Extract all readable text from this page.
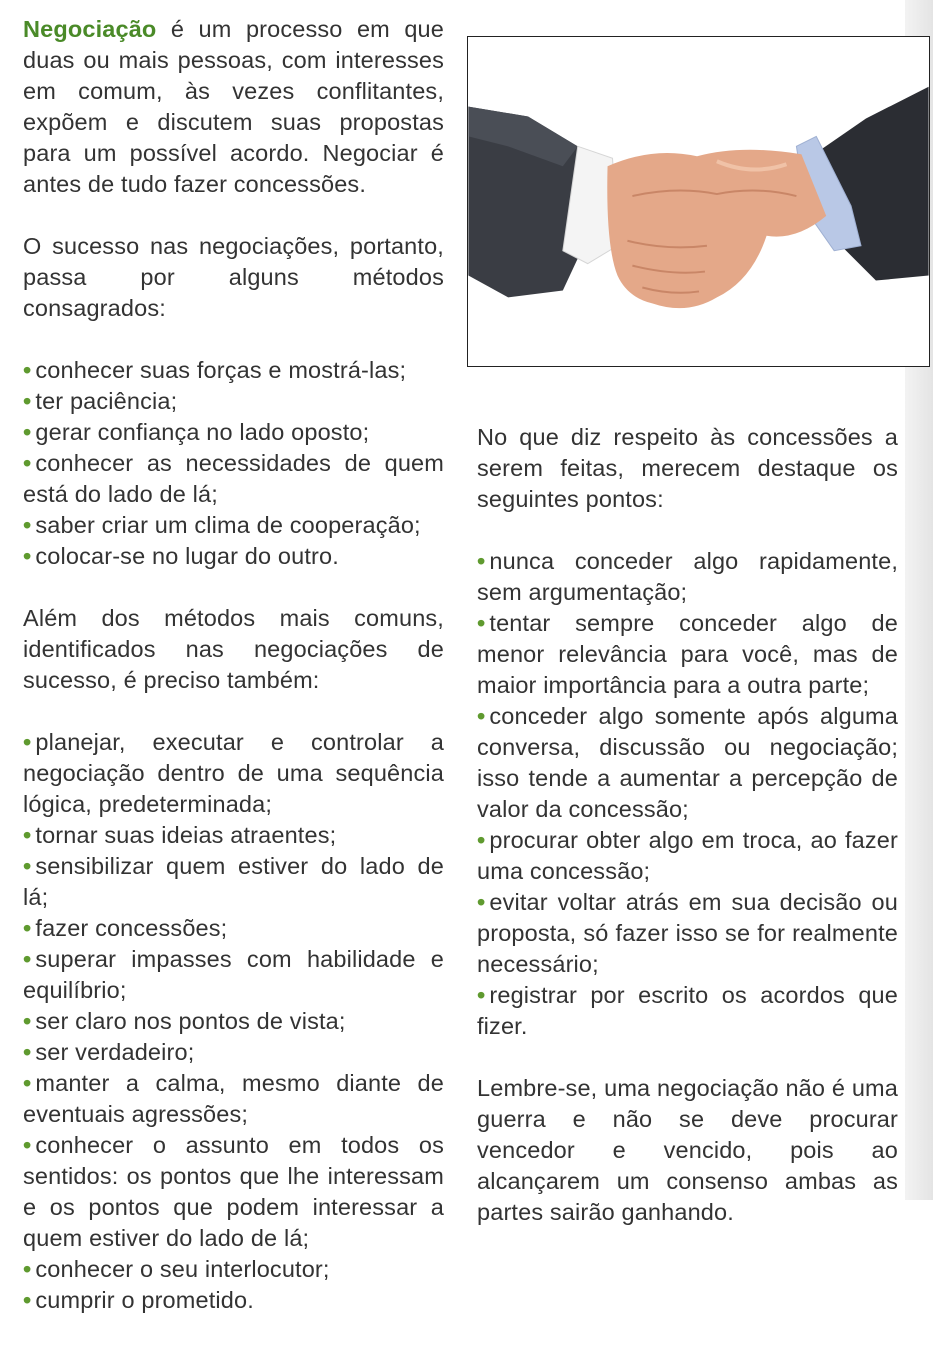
Negociação é um processo em que duas ou mais pessoas, com interesses em comum, às vezes conflitantes, expõem e discutem suas propostas para um possível acordo. Negociar é antes de tudo fazer concessões.

O sucesso nas negociações, portanto, passa por alguns métodos consagrados:

• conhecer suas forças e mostrá-las;
• ter paciência;
• gerar confiança no lado oposto;
• conhecer as necessidades de quem está do lado de lá;
• saber criar um clima de cooperação;
• colocar-se no lugar do outro.

Além dos métodos mais comuns, identificados nas negociações de sucesso, é preciso também:

• planejar, executar e controlar a negociação dentro de uma sequência lógica, predeterminada;
• tornar suas ideias atraentes;
• sensibilizar quem estiver do lado de lá;
• fazer concessões;
• superar impasses com habilidade e equilíbrio;
• ser claro nos pontos de vista;
• ser verdadeiro;
• manter a calma, mesmo diante de eventuais agressões;
• conhecer o assunto em todos os sentidos: os pontos que lhe interessam e os pontos que podem interessar a quem estiver do lado de lá;
• conhecer o seu interlocutor;
• cumprir o prometido.

No que diz respeito às concessões a serem feitas, merecem destaque os seguintes pontos:

• nunca conceder algo rapidamente, sem argumentação;
• tentar sempre conceder algo de menor relevância para você, mas de maior importância para a outra parte;
• conceder algo somente após alguma conversa, discussão ou negociação; isso tende a aumentar a percepção de valor da concessão;
• procurar obter algo em troca, ao fazer uma concessão;
• evitar voltar atrás em sua decisão ou proposta, só fazer isso se for realmente necessário;
• registrar por escrito os acordos que fizer.

Lembre-se, uma negociação não é uma guerra e não se deve procurar vencedor e vencido, pois ao alcançarem um consenso ambas as partes sairão ganhando.
